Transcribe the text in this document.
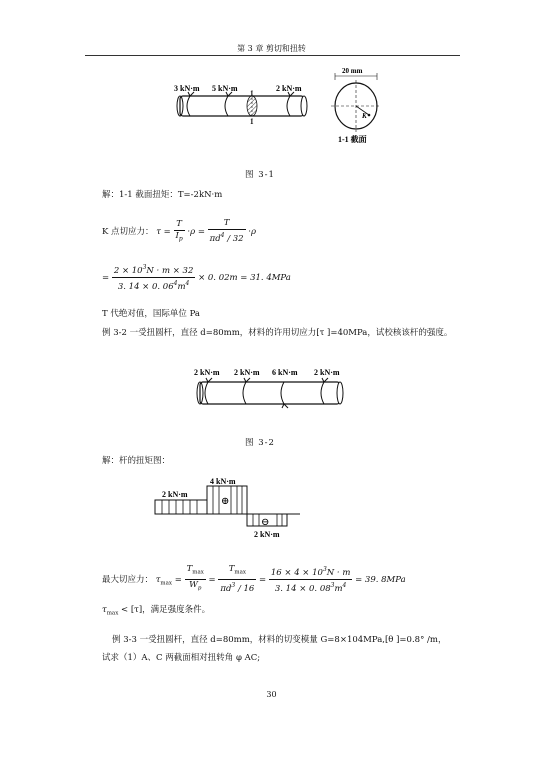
第 3 章 剪切和扭转
3 kN·m 5 kN·m	2 kN·m
1
1
K
20 mm
1-1 截面
图 3-1
解：1-1 截面扭矩：T=-2kN·m
K 点切应力： $\tau = \frac{T}{I_p} \cdot\rho = \frac{T}{\pi d^4 / 32} \cdot\rho$
= $\frac{2 \times 10^3N \cdot m \times 32}{3. 14 \times 0. 06^4m^4} \times 0$. 02m = 31. 4MPa
T 代绝对值，国际单位 Pa
例 3-2 一受扭圆杆，直径 d=80mm，材料的许用切应力[τ ]=40MPa，试校核该杆的强度。
2 kN·m 2 kN·m 6 kN·m 2 kN·m
图 3-2
解：杆的扭矩图：
⊕
⊖
4 kN·m
2 kN·m
2 kN·m
最大切应力： $\tau_{max}$ =
$T_{max}$
$W_p$
=
$T_{max}$
$\pi d^3 / 16$
= $\frac{16 \times 4 \times 10^3N \cdot m}{3. 14 \times 0. 08^3m^4} = 39$. 8MPa
$\tau_{max} < [\tau]$，满足强度条件。
例 3-3 一受扭圆杆，直径 d=80mm，材料的切变模量 G=8×104MPa,[θ ]=0.8° /m，
试求（1）A、C 两截面相对扭转角 φ AC;
30
